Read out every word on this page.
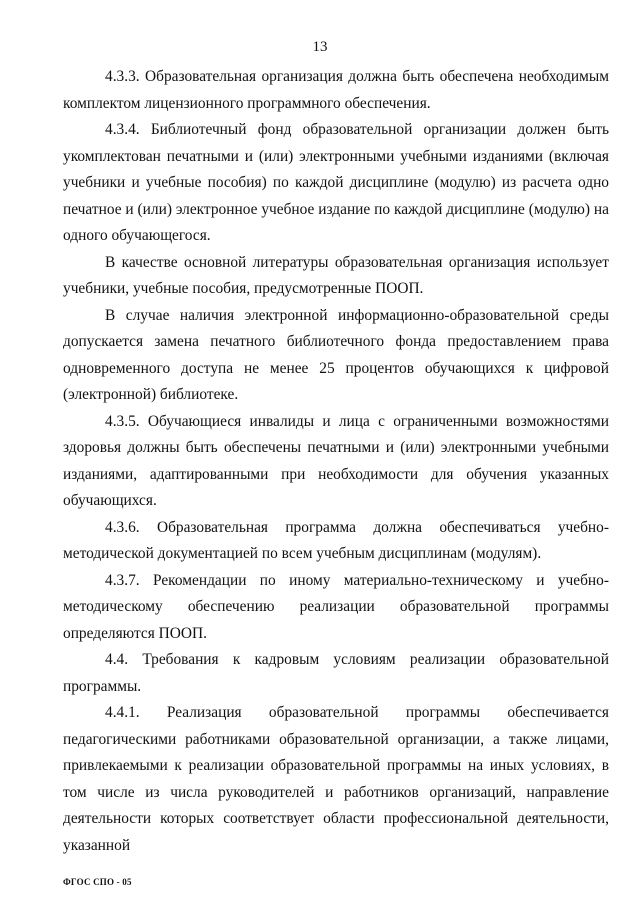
13

4.3.3. Образовательная организация должна быть обеспечена необходимым комплектом лицензионного программного обеспечения.

4.3.4. Библиотечный фонд образовательной организации должен быть укомплектован печатными и (или) электронными учебными изданиями (включая учебники и учебные пособия) по каждой дисциплине (модулю) из расчета одно печатное и (или) электронное учебное издание по каждой дисциплине (модулю) на одного обучающегося.

В качестве основной литературы образовательная организация использует учебники, учебные пособия, предусмотренные ПООП.

В случае наличия электронной информационно-образовательной среды допускается замена печатного библиотечного фонда предоставлением права одновременного доступа не менее 25 процентов обучающихся к цифровой (электронной) библиотеке.

4.3.5. Обучающиеся инвалиды и лица с ограниченными возможностями здоровья должны быть обеспечены печатными и (или) электронными учебными изданиями, адаптированными при необходимости для обучения указанных обучающихся.

4.3.6. Образовательная программа должна обеспечиваться учебно-методической документацией по всем учебным дисциплинам (модулям).

4.3.7. Рекомендации по иному материально-техническому и учебно-методическому обеспечению реализации образовательной программы определяются ПООП.

4.4. Требования к кадровым условиям реализации образовательной программы.

4.4.1. Реализация образовательной программы обеспечивается педагогическими работниками образовательной организации, а также лицами, привлекаемыми к реализации образовательной программы на иных условиях, в том числе из числа руководителей и работников организаций, направление деятельности которых соответствует области профессиональной деятельности, указанной

ФГОС СПО - 05
